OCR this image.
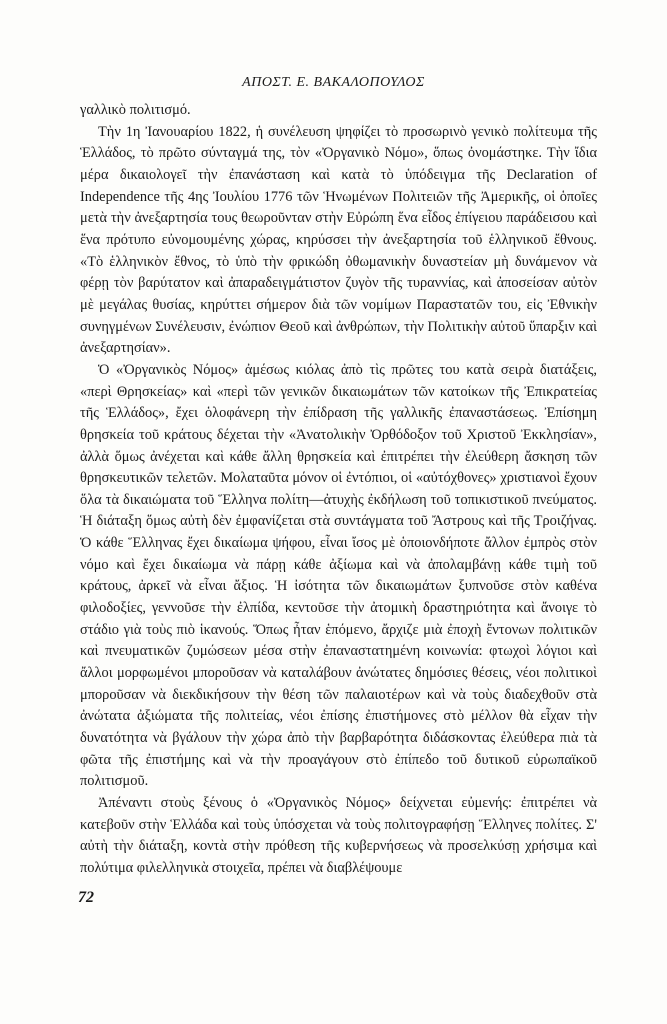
ΑΠΟΣΤ. Ε. ΒΑΚΑΛΟΠΟΥΛΟΣ

γαλλικὸ πολιτισμό.

Τὴν 1η Ἰανουαρίου 1822, ἡ συνέλευση ψηφίζει τὸ προσωρινὸ γενικὸ πολίτευμα τῆς Ἑλλάδος, τὸ πρῶτο σύνταγμά της, τὸν «Ὀργανικὸ Νόμο», ὅπως ὀνομάστηκε. Τὴν ἴδια μέρα δικαιολογεῖ τὴν ἐπανάσταση καὶ κατὰ τὸ ὑπόδειγμα τῆς Declaration of Independence τῆς 4ης Ἰουλίου 1776 τῶν Ἡνωμένων Πολιτειῶν τῆς Ἀμερικῆς, οἱ ὁποῖες μετὰ τὴν ἀνεξαρτησία τους θεωροῦνταν στὴν Εὐρώπη ἕνα εἶδος ἐπίγειου παράδεισου καὶ ἕνα πρότυπο εὐνομουμένης χώρας, κηρύσσει τὴν ἀνεξαρτησία τοῦ ἑλληνικοῦ ἔθνους. «Τὸ ἑλληνικὸν ἔθνος, τὸ ὑπὸ τὴν φρικώδη ὀθωμανικὴν δυναστείαν μὴ δυνάμενον νὰ φέρῃ τὸν βαρύτατον καὶ ἀπαραδειγμάτιστον ζυγὸν τῆς τυραννίας, καὶ ἀποσείσαν αὐτὸν μὲ μεγάλας θυσίας, κηρύττει σήμερον διὰ τῶν νομίμων Παραστατῶν του, εἰς Ἐθνικὴν συνηγμένων Συνέλευσιν, ἐνώπιον Θεοῦ καὶ ἀνθρώπων, τὴν Πολιτικὴν αὐτοῦ ὕπαρξιν καὶ ἀνεξαρτησίαν».

Ὁ «Ὀργανικὸς Νόμος» ἀμέσως κιόλας ἀπὸ τὶς πρῶτες του κατὰ σειρὰ διατάξεις, «περὶ Θρησκείας» καὶ «περὶ τῶν γενικῶν δικαιωμάτων τῶν κατοίκων τῆς Ἐπικρατείας τῆς Ἑλλάδος», ἔχει ὁλοφάνερη τὴν ἐπίδραση τῆς γαλλικῆς ἐπαναστάσεως. Ἐπίσημη θρησκεία τοῦ κράτους δέχεται τὴν «Ἀνατολικὴν Ὀρθόδοξον τοῦ Χριστοῦ Ἐκκλησίαν», ἀλλὰ ὅμως ἀνέχεται καὶ κάθε ἄλλη θρησκεία καὶ ἐπιτρέπει τὴν ἐλεύθερη ἄσκηση τῶν θρησκευτικῶν τελετῶν. Μολαταῦτα μόνον οἱ ἐντόπιοι, οἱ «αὐτόχθονες» χριστιανοὶ ἔχουν ὅλα τὰ δικαιώματα τοῦ Ἕλληνα πολίτη—ἀτυχὴς ἐκδήλωση τοῦ τοπικιστικοῦ πνεύματος. Ἡ διάταξη ὅμως αὐτὴ δὲν ἐμφανίζεται στὰ συντάγματα τοῦ Ἄστρους καὶ τῆς Τροιζήνας. Ὁ κάθε Ἕλληνας ἔχει δικαίωμα ψήφου, εἶναι ἴσος μὲ ὁποιονδήποτε ἄλλον ἐμπρὸς στὸν νόμο καὶ ἔχει δικαίωμα νὰ πάρῃ κάθε ἀξίωμα καὶ νὰ ἀπολαμβάνῃ κάθε τιμὴ τοῦ κράτους, ἀρκεῖ νὰ εἶναι ἄξιος. Ἡ ἰσότητα τῶν δικαιωμάτων ξυπνοῦσε στὸν καθένα φιλοδοξίες, γεννοῦσε τὴν ἐλπίδα, κεντοῦσε τὴν ἀτομικὴ δραστηριότητα καὶ ἄνοιγε τὸ στάδιο γιὰ τοὺς πιὸ ἱκανούς. Ὅπως ἦταν ἑπόμενο, ἄρχιζε μιὰ ἐποχὴ ἔντονων πολιτικῶν καὶ πνευματικῶν ζυμώσεων μέσα στὴν ἐπαναστατημένη κοινωνία: φτωχοὶ λόγιοι καὶ ἄλλοι μορφωμένοι μποροῦσαν νὰ καταλάβουν ἀνώτατες δημόσιες θέσεις, νέοι πολιτικοὶ μποροῦσαν νὰ διεκδικήσουν τὴν θέση τῶν παλαιοτέρων καὶ νὰ τοὺς διαδεχθοῦν στὰ ἀνώτατα ἀξιώματα τῆς πολιτείας, νέοι ἐπίσης ἐπιστήμονες στὸ μέλλον θὰ εἶχαν τὴν δυνατότητα νὰ βγάλουν τὴν χώρα ἀπὸ τὴν βαρβαρότητα διδάσκοντας ἐλεύθερα πιὰ τὰ φῶτα τῆς ἐπιστήμης καὶ νὰ τὴν προαγάγουν στὸ ἐπίπεδο τοῦ δυτικοῦ εὐρωπαϊκοῦ πολιτισμοῦ.

Ἀπέναντι στοὺς ξένους ὁ «Ὀργανικὸς Νόμος» δείχνεται εὐμενής: ἐπιτρέπει νὰ κατεβοῦν στὴν Ἑλλάδα καὶ τοὺς ὑπόσχεται νὰ τοὺς πολιτογραφήσῃ Ἕλληνες πολίτες. Σ' αὐτὴ τὴν διάταξη, κοντὰ στὴν πρόθεση τῆς κυβερνήσεως νὰ προσελκύσῃ χρήσιμα καὶ πολύτιμα φιλελληνικὰ στοιχεῖα, πρέπει νὰ διαβλέψουμε

72
